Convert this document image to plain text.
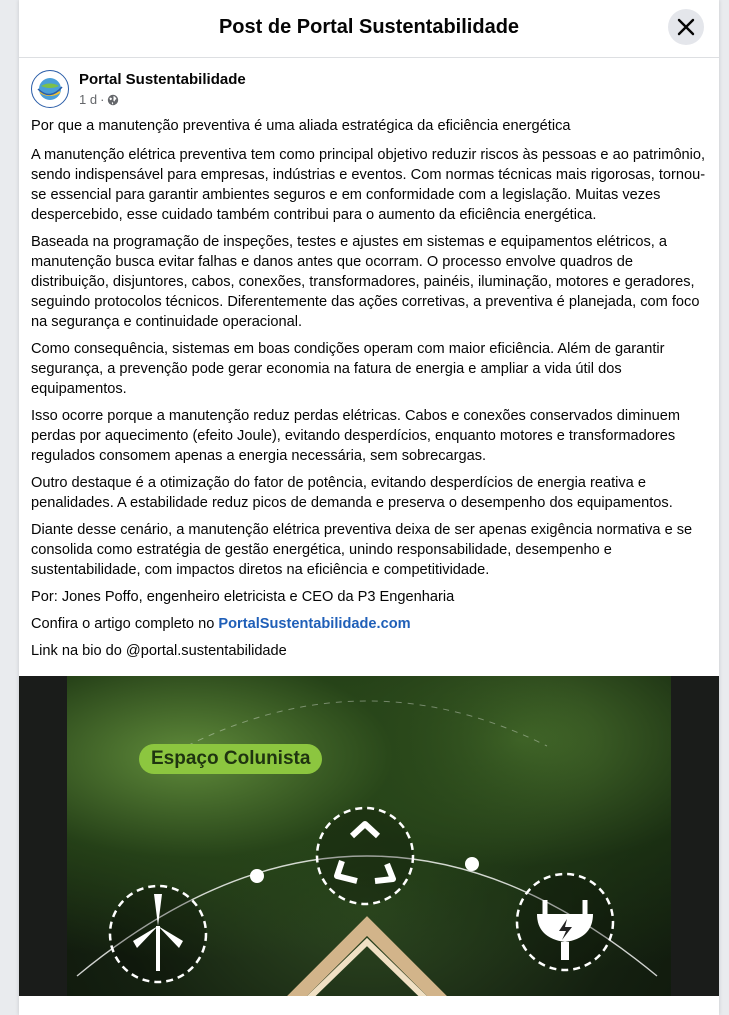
Post de Portal Sustentabilidade
Portal Sustentabilidade
1 d ·

Por que a manutenção preventiva é uma aliada estratégica da eficiência energética

A manutenção elétrica preventiva tem como principal objetivo reduzir riscos às pessoas e ao patrimônio, sendo indispensável para empresas, indústrias e eventos. Com normas técnicas mais rigorosas, tornou-se essencial para garantir ambientes seguros e em conformidade com a legislação. Muitas vezes despercebido, esse cuidado também contribui para o aumento da eficiência energética.

Baseada na programação de inspeções, testes e ajustes em sistemas e equipamentos elétricos, a manutenção busca evitar falhas e danos antes que ocorram. O processo envolve quadros de distribuição, disjuntores, cabos, conexões, transformadores, painéis, iluminação, motores e geradores, seguindo protocolos técnicos. Diferentemente das ações corretivas, a preventiva é planejada, com foco na segurança e continuidade operacional.

Como consequência, sistemas em boas condições operam com maior eficiência. Além de garantir segurança, a prevenção pode gerar economia na fatura de energia e ampliar a vida útil dos equipamentos.

Isso ocorre porque a manutenção reduz perdas elétricas. Cabos e conexões conservados diminuem perdas por aquecimento (efeito Joule), evitando desperdícios, enquanto motores e transformadores regulados consomem apenas a energia necessária, sem sobrecargas.

Outro destaque é a otimização do fator de potência, evitando desperdícios de energia reativa e penalidades. A estabilidade reduz picos de demanda e preserva o desempenho dos equipamentos.

Diante desse cenário, a manutenção elétrica preventiva deixa de ser apenas exigência normativa e se consolida como estratégia de gestão energética, unindo responsabilidade, desempenho e sustentabilidade, com impactos diretos na eficiência e competitividade.

Por: Jones Poffo, engenheiro eletricista e CEO da P3 Engenharia

Confira o artigo completo no PortalSustentabilidade.com

Link na bio do @portal.sustentabilidade

Espaço Colunista
